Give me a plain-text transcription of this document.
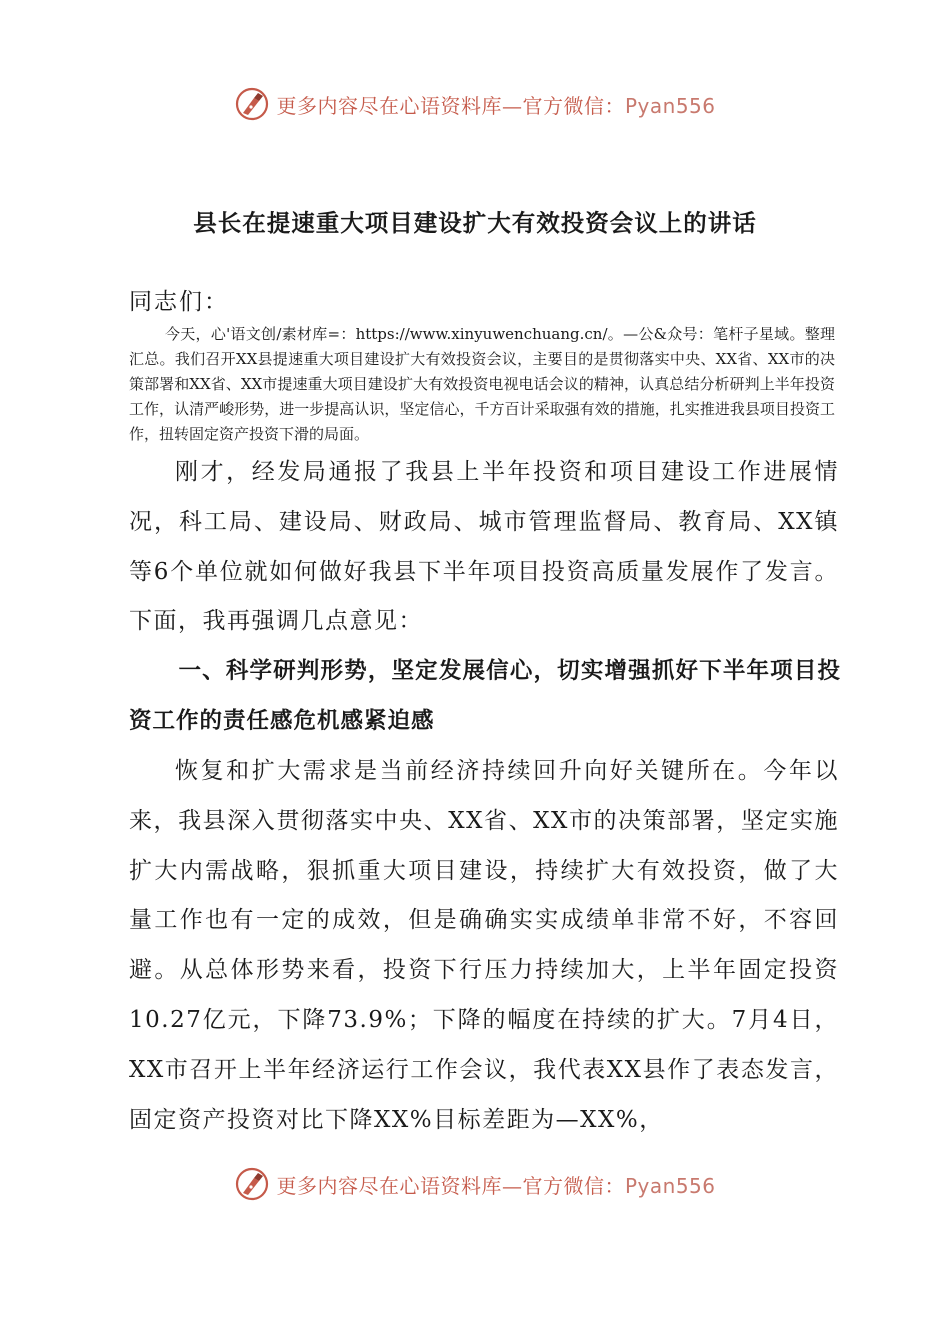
更多内容尽在心语资料库—官方微信：Pyan556
县长在提速重大项目建设扩大有效投资会议上的讲话
同志们：
今天，心'语文创/素材库=：https://www.xinyuwenchuang.cn/。—公&众号：笔杆子星域。整理汇总。我们召开XX县提速重大项目建设扩大有效投资会议，主要目的是贯彻落实中央、XX省、XX市的决策部署和XX省、XX市提速重大项目建设扩大有效投资电视电话会议的精神，认真总结分析研判上半年投资工作，认清严峻形势，进一步提高认识，坚定信心，千方百计采取强有效的措施，扎实推进我县项目投资工作，扭转固定资产投资下滑的局面。
刚才，经发局通报了我县上半年投资和项目建设工作进展情况，科工局、建设局、财政局、城市管理监督局、教育局、XX镇等6个单位就如何做好我县下半年项目投资高质量发展作了发言。下面，我再强调几点意见：
一、科学研判形势，坚定发展信心，切实增强抓好下半年项目投资工作的责任感危机感紧迫感
恢复和扩大需求是当前经济持续回升向好关键所在。今年以来，我县深入贯彻落实中央、XX省、XX市的决策部署，坚定实施扩大内需战略，狠抓重大项目建设，持续扩大有效投资，做了大量工作也有一定的成效，但是确确实实成绩单非常不好，不容回避。从总体形势来看，投资下行压力持续加大，上半年固定投资10.27亿元，下降73.9%；下降的幅度在持续的扩大。7月4日，XX市召开上半年经济运行工作会议，我代表XX县作了表态发言，固定资产投资对比下降XX%目标差距为—XX%，
更多内容尽在心语资料库—官方微信：Pyan556
